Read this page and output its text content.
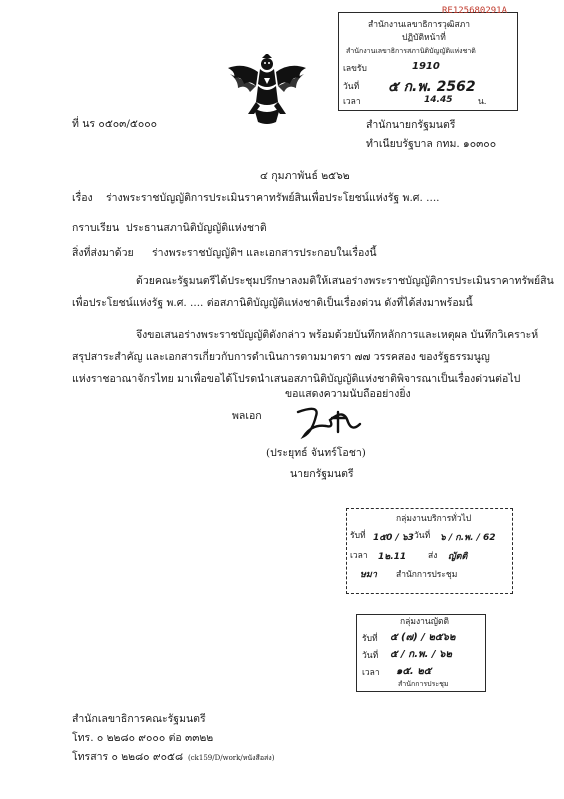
RE125680291A
สำนักงานเลขาธิการวุฒิสภา
ปฏิบัติหน้าที่
สำนักงานเลขาธิการสภานิติบัญญัติแห่งชาติ
เลขรับ	1910
วันที่ ๕ ก.พ. 2562
เวลา	14.45	น.
ที่ นร ๐๕๐๓/๕๐๐๐	สำนักนายกรัฐมนตรี
ทำเนียบรัฐบาล กทม. ๑๐๓๐๐
๔ กุมภาพันธ์ ๒๕๖๒
เรื่อง ร่างพระราชบัญญัติการประเมินราคาทรัพย์สินเพื่อประโยชน์แห่งรัฐ พ.ศ. ....
กราบเรียน ประธานสภานิติบัญญัติแห่งชาติ
สิ่งที่ส่งมาด้วย ร่างพระราชบัญญัติฯ และเอกสารประกอบในเรื่องนี้
ด้วยคณะรัฐมนตรีได้ประชุมปรึกษาลงมติให้เสนอร่างพระราชบัญญัติการประเมินราคาทรัพย์สิน
เพื่อประโยชน์แห่งรัฐ พ.ศ. .... ต่อสภานิติบัญญัติแห่งชาติเป็นเรื่องด่วน ดังที่ได้ส่งมาพร้อมนี้
จึงขอเสนอร่างพระราชบัญญัติดังกล่าว พร้อมด้วยบันทึกหลักการและเหตุผล บันทึกวิเคราะห์
สรุปสาระสำคัญ และเอกสารเกี่ยวกับการดำเนินการตามมาตรา ๗๗ วรรคสอง ของรัฐธรรมนูญ
แห่งราชอาณาจักรไทย มาเพื่อขอได้โปรดนำเสนอสภานิติบัญญัติแห่งชาติพิจารณาเป็นเรื่องด่วนต่อไป
ขอแสดงความนับถืออย่างยิ่ง
พลเอก
(ประยุทธ์ จันทร์โอชา)
นายกรัฐมนตรี
กลุ่มงานบริการทั่วไป
รับที่ 1๕0 / ๖3 วันที่ ๖ / ก.พ. / 62
เวลา 1๒.11	ส่ง ญัตติ
ษมา สำนักการประชุม
กลุ่มงานญัตติ
รับที่ ๕ (๗) / ๒๕๖๒
วันที่ ๕ / ก.พ. / ๖๒
เวลา ๑๕. ๒๕
สำนักการประชุม
สำนักเลขาธิการคณะรัฐมนตรี
โทร. ๐ ๒๒๘๐ ๙๐๐๐ ต่อ ๓๓๒๒
โทรสาร ๐ ๒๒๘๐ ๙๐๕๘ (ck159/D/work/หนังสือส่ง)
